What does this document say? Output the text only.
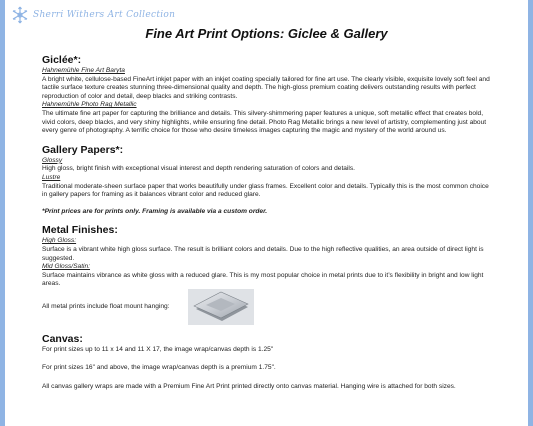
Sherri Withers Art Collection
Fine Art Print Options: Giclee & Gallery
Giclée*:
Hahnemühle Fine Art Baryta

A bright white, cellulose-based FineArt inkjet paper with an inkjet coating specially tailored for fine art use. The clearly visible, exquisite lovely soft feel and tactile surface texture creates stunning three-dimensional quality and depth. The high-gloss premium coating delivers outstanding results with perfect reproduction of color and detail, deep blacks and striking contrasts.

Hahnemühle Photo Rag Metallic

The ultimate fine art paper for capturing the brilliance and details. This silvery-shimmering paper features a unique, soft metallic effect that creates bold, vivid colors, deep blacks, and very shiny highlights, while ensuring fine detail. Photo Rag Metallic brings a new level of artistry, complementing just about every genre of photography. A terrific choice for those who desire timeless images capturing the magic and mystery of the world around us.

Gallery Papers*:
Glossy

High gloss, bright finish with exceptional visual interest and depth rendering saturation of colors and details.

Lustre

Traditional moderate-sheen surface paper that works beautifully under glass frames. Excellent color and details. Typically this is the most common choice in gallery papers for framing as it balances vibrant color and reduced glare.

*Print prices are for prints only. Framing is available via a custom order.

Metal Finishes:
High Gloss:

Surface is a vibrant white high gloss surface. The result is brilliant colors and details. Due to the high reflective qualities, an area outside of direct light is suggested.

Mid Gloss/Satin:

Surface maintains vibrance as white gloss with a reduced glare. This is my most popular choice in metal prints due to it’s flexibility in bright and low light areas.

All metal prints include float mount hanging:

Canvas:

For print sizes up to 11 x 14 and 11 X 17, the image wrap/canvas depth is 1.25"

For print sizes 16" and above, the image wrap/canvas depth is a premium 1.75".

All canvas gallery wraps are made with a Premium Fine Art Print printed directly onto canvas material. Hanging wire is attached for both sizes.
